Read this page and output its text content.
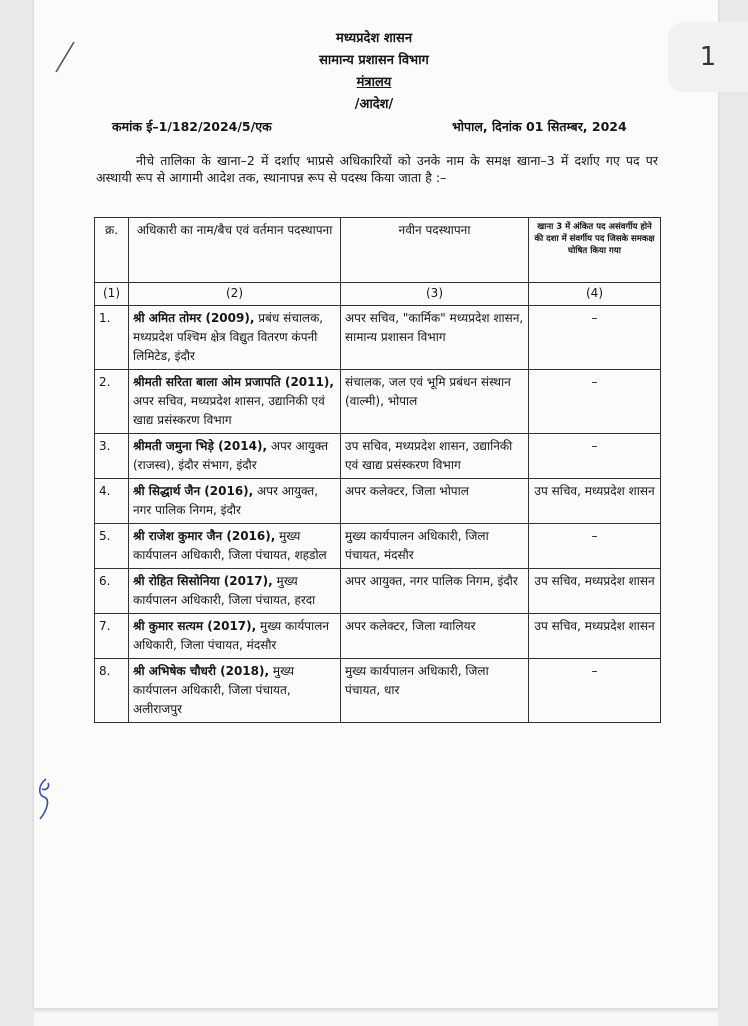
1
मध्यप्रदेश शासन
सामान्य प्रशासन विभाग
मंत्रालय
/आदेश/
कमांक ई–1/182/2024/5/एक	भोपाल, दिनांक 01 सितम्बर, 2024
नीचे तालिका के खाना–2 में दर्शाए भाप्रसे अधिकारियों को उनके नाम के समक्ष खाना–3 में दर्शाए गए पद पर अस्थायी रूप से आगामी आदेश तक, स्थानापन्न रूप से पदस्थ किया जाता है :–
क्र.	अधिकारी का नाम/बैच एवं वर्तमान पदस्थापना	नवीन पदस्थापना	खाना 3 में अंकित पद असंवर्गीय होने की दशा में संवर्गीय पद जिसके समकक्ष घोषित किया गया
(1)	(2)	(3)	(4)
1.	श्री अमित तोमर (2009), प्रबंध संचालक, मध्यप्रदेश पश्चिम क्षेत्र विद्युत वितरण कंपनी लिमिटेड, इंदौर	अपर सचिव, "कार्मिक" मध्यप्रदेश शासन, सामान्य प्रशासन विभाग	–
2.	श्रीमती सरिता बाला ओम प्रजापति (2011), अपर सचिव, मध्यप्रदेश शासन, उद्यानिकी एवं खाद्य प्रसंस्करण विभाग	संचालक, जल एवं भूमि प्रबंधन संस्थान (वाल्मी), भोपाल	–
3.	श्रीमती जमुना भिड़े (2014), अपर आयुक्त (राजस्व), इंदौर संभाग, इंदौर	उप सचिव, मध्यप्रदेश शासन, उद्यानिकी एवं खाद्य प्रसंस्करण विभाग	–
4.	श्री सिद्धार्थ जैन (2016), अपर आयुक्त, नगर पालिक निगम, इंदौर	अपर कलेक्टर, जिला भोपाल	उप सचिव, मध्यप्रदेश शासन
5.	श्री राजेश कुमार जैन (2016), मुख्य कार्यपालन अधिकारी, जिला पंचायत, शहडोल	मुख्य कार्यपालन अधिकारी, जिला पंचायत, मंदसौर	–
6.	श्री रोहित सिसोनिया (2017), मुख्य कार्यपालन अधिकारी, जिला पंचायत, हरदा	अपर आयुक्त, नगर पालिक निगम, इंदौर	उप सचिव, मध्यप्रदेश शासन
7.	श्री कुमार सत्यम (2017), मुख्य कार्यपालन अधिकारी, जिला पंचायत, मंदसौर	अपर कलेक्टर, जिला ग्वालियर	उप सचिव, मध्यप्रदेश शासन
8.	श्री अभिषेक चौधरी (2018), मुख्य कार्यपालन अधिकारी, जिला पंचायत, अलीराजपुर	मुख्य कार्यपालन अधिकारी, जिला पंचायत, धार	–
